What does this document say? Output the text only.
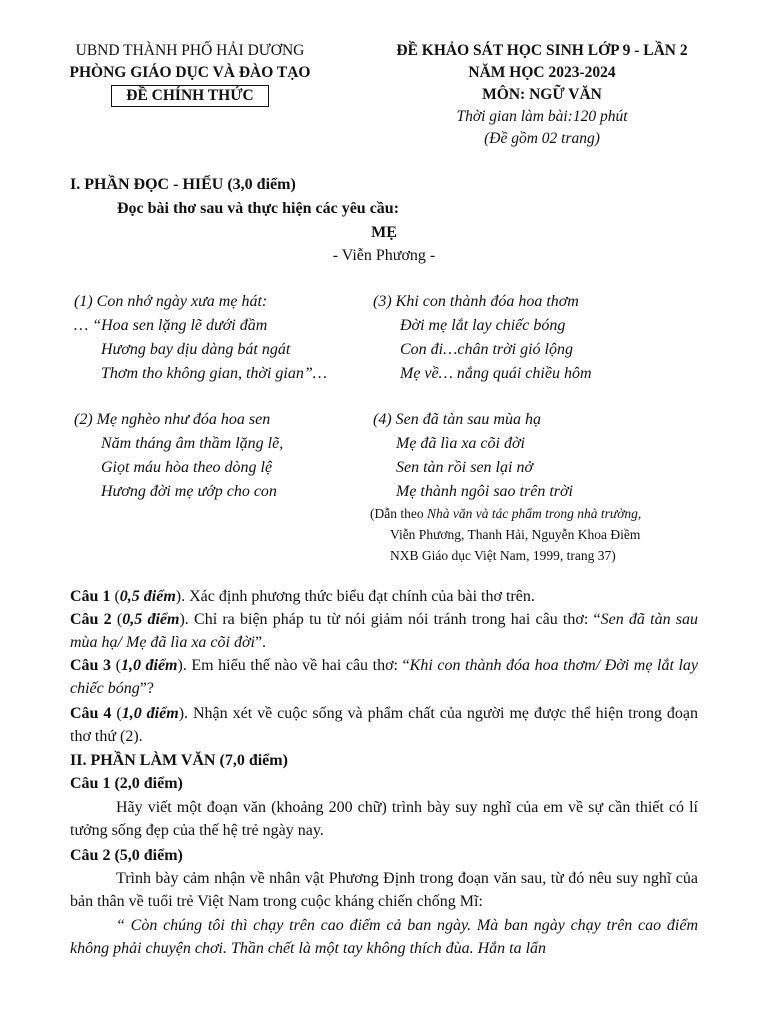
UBND THÀNH PHỐ HẢI DƯƠNG
PHÒNG GIÁO DỤC VÀ ĐÀO TẠO
ĐỀ CHÍNH THỨC
ĐỀ KHẢO SÁT HỌC SINH LỚP 9 - LẦN 2
NĂM HỌC 2023-2024
MÔN: NGỮ VĂN
Thời gian làm bài:120 phút
(Đề gồm 02 trang)
I. PHẦN ĐỌC - HIỂU (3,0 điểm)
Đọc bài thơ sau và thực hiện các yêu cầu:
MẸ
- Viễn Phương -
(1) Con nhớ ngày xưa mẹ hát:
… “Hoa sen lặng lẽ dưới đầm
Hương bay dịu dàng bát ngát
Thơm tho không gian, thời gian”…
(2) Mẹ nghèo như đóa hoa sen
Năm tháng âm thầm lặng lẽ,
Giọt máu hòa theo dòng lệ
Hương đời mẹ ướp cho con
(3) Khi con thành đóa hoa thơm
Đời mẹ lắt lay chiếc bóng
Con đi…chân trời gió lộng
Mẹ về… nắng quái chiều hôm
(4) Sen đã tàn sau mùa hạ
Mẹ đã lìa xa cõi đời
Sen tàn rồi sen lại nở
Mẹ thành ngôi sao trên trời
(Dẫn theo Nhà văn và tác phẩm trong nhà trường,
Viễn Phương, Thanh Hải, Nguyễn Khoa Điềm
NXB Giáo dục Việt Nam, 1999, trang 37)
Câu 1 (0,5 điểm). Xác định phương thức biểu đạt chính của bài thơ trên.
Câu 2 (0,5 điểm). Chỉ ra biện pháp tu từ nói giảm nói tránh trong hai câu thơ: “Sen đã tàn sau mùa hạ/ Mẹ đã lìa xa cõi đời”.
Câu 3 (1,0 điểm). Em hiểu thế nào về hai câu thơ: “Khi con thành đóa hoa thơm/ Đời mẹ lắt lay chiếc bóng”?
Câu 4 (1,0 điểm). Nhận xét về cuộc sống và phẩm chất của người mẹ được thể hiện trong đoạn thơ thứ (2).
II. PHẦN LÀM VĂN (7,0 điểm)
Câu 1 (2,0 điểm)
Hãy viết một đoạn văn (khoảng 200 chữ) trình bày suy nghĩ của em về sự cần thiết có lí tưởng sống đẹp của thế hệ trẻ ngày nay.
Câu 2 (5,0 điểm)
Trình bày cảm nhận về nhân vật Phương Định trong đoạn văn sau, từ đó nêu suy nghĩ của bản thân về tuổi trẻ Việt Nam trong cuộc kháng chiến chống Mĩ:
“ Còn chúng tôi thì chạy trên cao điểm cả ban ngày. Mà ban ngày chạy trên cao điểm không phải chuyện chơi. Thần chết là một tay không thích đùa. Hắn ta lẩn
